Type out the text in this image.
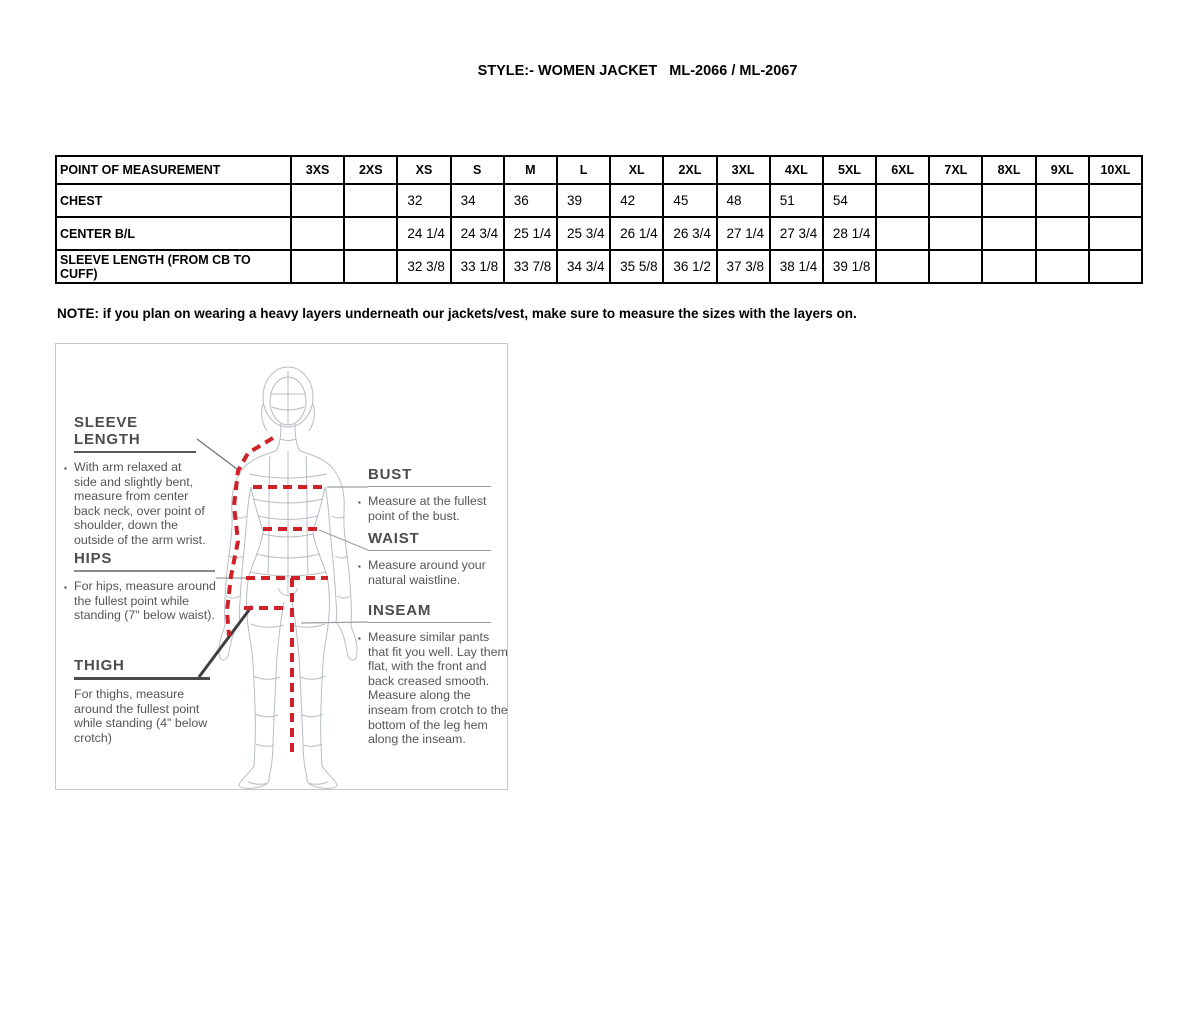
STYLE:- WOMEN JACKET   ML-2066 / ML-2067
POINT OF MEASUREMENT	3XS	2XS	XS	S	M	L	XL	2XL	3XL	4XL	5XL	6XL	7XL	8XL	9XL	10XL
CHEST			32	34	36	39	42	45	48	51	54					
CENTER B/L			24 1/4	24 3/4	25 1/4	25 3/4	26 1/4	26 3/4	27 1/4	27 3/4	28 1/4					
SLEEVE LENGTH (FROM CB TO CUFF)			32 3/8	33 1/8	33 7/8	34 3/4	35 5/8	36 1/2	37 3/8	38 1/4	39 1/8					
NOTE: if you plan on wearing a heavy layers underneath our jackets/vest, make sure to measure the sizes with the layers on.
SLEEVE LENGTH

▪ With arm relaxed at side and slightly bent, measure from center back neck, over point of shoulder, down the outside of the arm wrist.

HIPS

▪ For hips, measure around the fullest point while standing (7" below waist).

THIGH

For thighs, measure around the fullest point while standing (4" below crotch)

BUST

▪ Measure at the fullest point of the bust.

WAIST

▪ Measure around your natural waistline.

INSEAM

▪ Measure similar pants that fit you well. Lay them flat, with the front and back creased smooth. Measure along the inseam from crotch to the bottom of the leg hem along the inseam.
